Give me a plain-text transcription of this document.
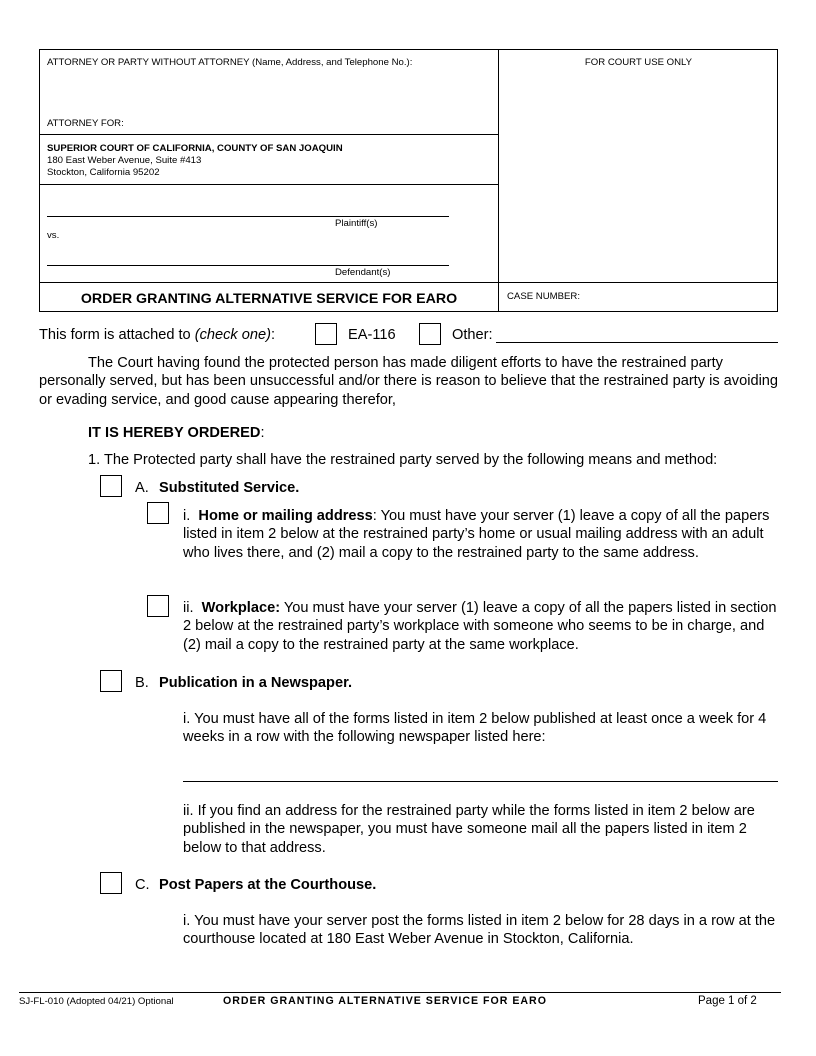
ATTORNEY OR PARTY WITHOUT ATTORNEY (Name, Address, and Telephone No.):
ATTORNEY FOR:
FOR COURT USE ONLY
SUPERIOR COURT OF CALIFORNIA, COUNTY OF SAN JOAQUIN
180 East Weber Avenue, Suite #413
Stockton, California 95202
Plaintiff(s)
vs.
Defendant(s)
ORDER GRANTING ALTERNATIVE SERVICE FOR EARO	CASE NUMBER:
This form is attached to (check one):	EA-116	Other:
The Court having found the protected person has made diligent efforts to have the restrained party personally served, but has been unsuccessful and/or there is reason to believe that the restrained party is avoiding or evading service, and good cause appearing therefor,
IT IS HEREBY ORDERED:
1. The Protected party shall have the restrained party served by the following means and method:
A. Substituted Service.
i. Home or mailing address: You must have your server (1) leave a copy of all the papers listed in item 2 below at the restrained party’s home or usual mailing address with an adult who lives there, and (2) mail a copy to the restrained party to the same address.
ii. Workplace: You must have your server (1) leave a copy of all the papers listed in section 2 below at the restrained party’s workplace with someone who seems to be in charge, and (2) mail a copy to the restrained party at the same workplace.
B. Publication in a Newspaper.
i. You must have all of the forms listed in item 2 below published at least once a week for 4 weeks in a row with the following newspaper listed here:
ii. If you find an address for the restrained party while the forms listed in item 2 below are published in the newspaper, you must have someone mail all the papers listed in item 2 below to that address.
C. Post Papers at the Courthouse.
i. You must have your server post the forms listed in item 2 below for 28 days in a row at the courthouse located at 180 East Weber Avenue in Stockton, California.
SJ-FL-010 (Adopted 04/21) Optional	ORDER GRANTING ALTERNATIVE SERVICE FOR EARO	Page 1 of 2
